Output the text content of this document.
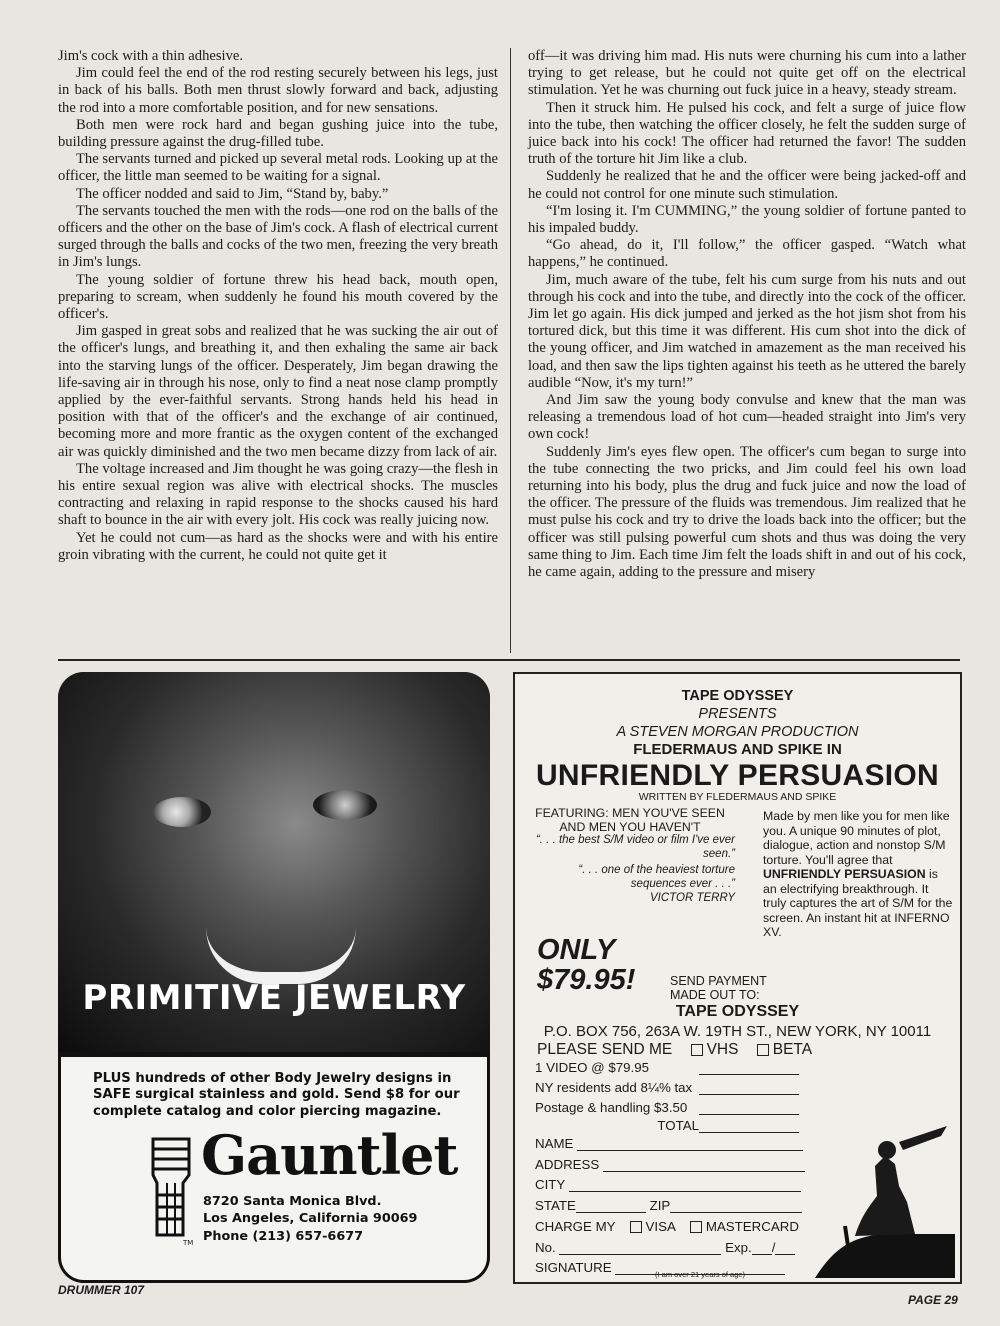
Jim's cock with a thin adhesive.

Jim could feel the end of the rod resting securely between his legs, just in back of his balls. Both men thrust slowly forward and back, adjusting the rod into a more comfortable position, and for new sensations.

Both men were rock hard and began gushing juice into the tube, building pressure against the drug-filled tube.

The servants turned and picked up several metal rods. Looking up at the officer, the little man seemed to be waiting for a signal.

The officer nodded and said to Jim, “Stand by, baby.”

The servants touched the men with the rods—one rod on the balls of the officers and the other on the base of Jim's cock. A flash of electrical current surged through the balls and cocks of the two men, freezing the very breath in Jim's lungs.

The young soldier of fortune threw his head back, mouth open, preparing to scream, when suddenly he found his mouth covered by the officer's.

Jim gasped in great sobs and realized that he was sucking the air out of the officer's lungs, and breathing it, and then exhaling the same air back into the starving lungs of the officer. Desperately, Jim began drawing the life-saving air in through his nose, only to find a neat nose clamp promptly applied by the ever-faithful servants. Strong hands held his head in position with that of the officer's and the exchange of air continued, becoming more and more frantic as the oxygen content of the exchanged air was quickly diminished and the two men became dizzy from lack of air.

The voltage increased and Jim thought he was going crazy—the flesh in his entire sexual region was alive with electrical shocks. The muscles contracting and relaxing in rapid response to the shocks caused his hard shaft to bounce in the air with every jolt. His cock was really juicing now.

Yet he could not cum—as hard as the shocks were and with his entire groin vibrating with the current, he could not quite get it

off—it was driving him mad. His nuts were churning his cum into a lather trying to get release, but he could not quite get off on the electrical stimulation. Yet he was churning out fuck juice in a heavy, steady stream.

Then it struck him. He pulsed his cock, and felt a surge of juice flow into the tube, then watching the officer closely, he felt the sudden surge of juice back into his cock! The officer had returned the favor! The sudden truth of the torture hit Jim like a club.

Suddenly he realized that he and the officer were being jacked-off and he could not control for one minute such stimulation.

“I'm losing it. I'm CUMMING,” the young soldier of fortune panted to his impaled buddy.

“Go ahead, do it, I'll follow,” the officer gasped. “Watch what happens,” he continued.

Jim, much aware of the tube, felt his cum surge from his nuts and out through his cock and into the tube, and directly into the cock of the officer. Jim let go again. His dick jumped and jerked as the hot jism shot from his tortured dick, but this time it was different. His cum shot into the dick of the young officer, and Jim watched in amazement as the man received his load, and then saw the lips tighten against his teeth as he uttered the barely audible “Now, it's my turn!”

And Jim saw the young body convulse and knew that the man was releasing a tremendous load of hot cum—headed straight into Jim's very own cock!

Suddenly Jim's eyes flew open. The officer's cum began to surge into the tube connecting the two pricks, and Jim could feel his own load returning into his body, plus the drug and fuck juice and now the load of the officer. The pressure of the fluids was tremendous. Jim realized that he must pulse his cock and try to drive the loads back into the officer; but the officer was still pulsing powerful cum shots and thus was doing the very same thing to Jim. Each time Jim felt the loads shift in and out of his cock, he came again, adding to the pressure and misery

PRIMITIVE JEWELRY
PLUS hundreds of other Body Jewelry designs in SAFE surgical stainless and gold. Send $8 for our complete catalog and color piercing magazine.
Gauntlet
8720 Santa Monica Blvd.
Los Angeles, California 90069
Phone (213) 657-6677
TM
TAPE ODYSSEY
PRESENTS
A STEVEN MORGAN PRODUCTION
FLEDERMAUS AND SPIKE IN
UNFRIENDLY PERSUASION
WRITTEN BY FLEDERMAUS AND SPIKE
FEATURING: MEN YOU'VE SEEN AND MEN YOU HAVEN'T
“. . . the best S/M video or film I've ever seen.”
“. . . one of the heaviest torture sequences ever . . .”
VICTOR TERRY
Made by men like you for men like you. A unique 90 minutes of plot, dialogue, action and nonstop S/M torture. You'll agree that UNFRIENDLY PERSUASION is an electrifying breakthrough. It truly captures the art of S/M for the screen. An instant hit at INFERNO XV.
ONLY
$79.95!	SEND PAYMENT MADE OUT TO:
TAPE ODYSSEY
P.O. BOX 756, 263A W. 19TH ST., NEW YORK, NY 10011
PLEASE SEND ME VHS BETA
1 VIDEO @ $79.95
NY residents add 8¼% tax
Postage & handling $3.50
TOTAL
NAME
ADDRESS
CITY
STATE	ZIP
CHARGE MY VISA MASTERCARD
No.	Exp. /
SIGNATURE	(I am over 21 years of age)
DRUMMER 107
PAGE 29
